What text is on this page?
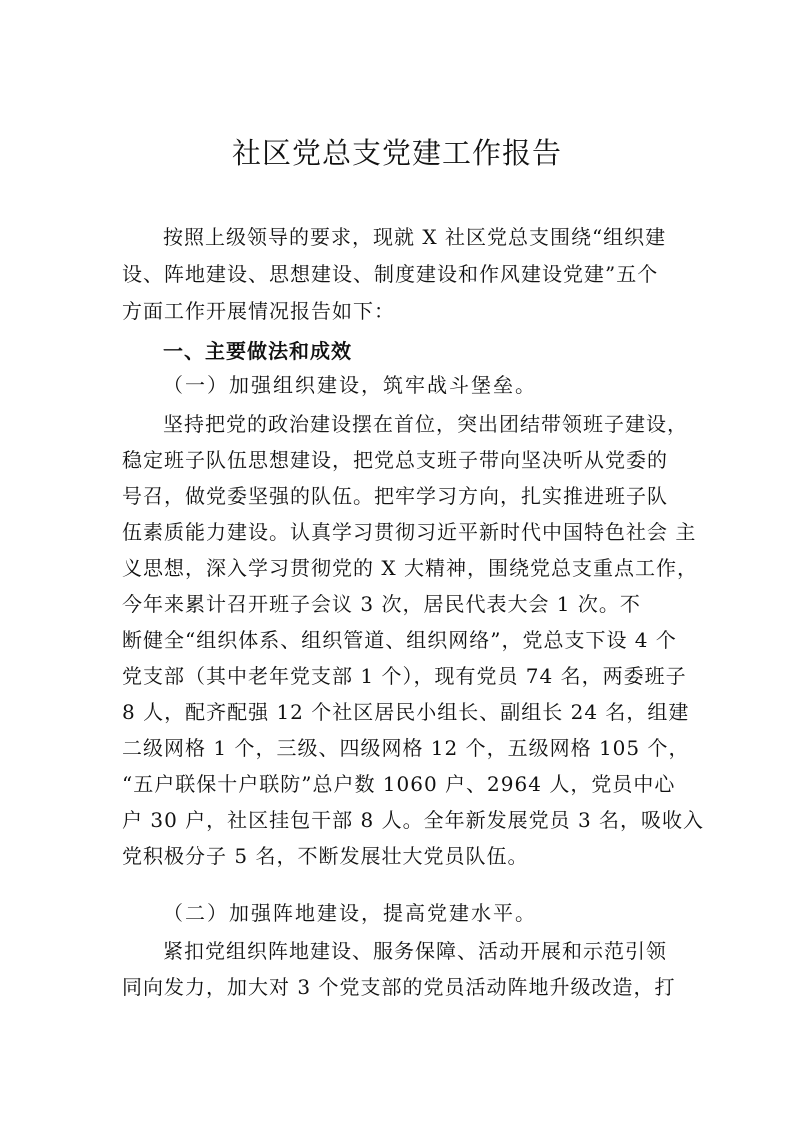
社区党总支党建工作报告
按照上级领导的要求，现就 X 社区党总支围绕“组织建
设、阵地建设、思想建设、制度建设和作风建设党建”五个
方面工作开展情况报告如下：
一、主要做法和成效
（一）加强组织建设，筑牢战斗堡垒。
坚持把党的政治建设摆在首位，突出团结带领班子建设，
稳定班子队伍思想建设，把党总支班子带向坚决听从党委的
号召，做党委坚强的队伍。把牢学习方向，扎实推进班子队
伍素质能力建设。认真学习贯彻习近平新时代中国特色社会 主
义思想，深入学习贯彻党的 X 大精神，围绕党总支重点工作，
今年来累计召开班子会议 3 次，居民代表大会 1 次。不
断健全“组织体系、组织管道、组织网络”，党总支下设 4 个
党支部（其中老年党支部 1 个），现有党员 74 名，两委班子
8 人，配齐配强 12 个社区居民小组长、副组长 24 名，组建
二级网格 1 个，三级、四级网格 12 个，五级网格 105 个，
“五户联保十户联防”总户数 1060 户、2964 人，党员中心
户 30 户，社区挂包干部 8 人。全年新发展党员 3 名，吸收入
党积极分子 5 名，不断发展壮大党员队伍。
（二）加强阵地建设，提高党建水平。
紧扣党组织阵地建设、服务保障、活动开展和示范引领
同向发力，加大对 3 个党支部的党员活动阵地升级改造，打
